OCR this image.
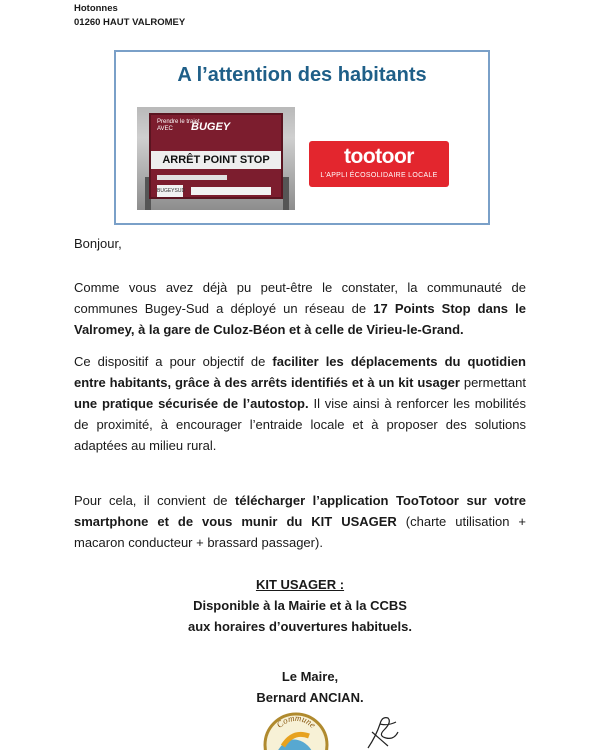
Hotonnes
01260 HAUT VALROMEY
A l’attention des habitants
Prendre le trajet
AVEC	BUGEY
ARRÊT POINT STOP
BUGEYSUD
tootoor
L'APPLI ÉCOSOLIDAIRE LOCALE

Bonjour,

Comme vous avez déjà pu peut-être le constater, la communauté de communes Bugey-Sud a déployé un réseau de 17 Points Stop dans le Valromey, à la gare de Culoz-Béon et à celle de Virieu-le-Grand.

Ce dispositif a pour objectif de faciliter les déplacements du quotidien entre habitants, grâce à des arrêts identifiés et à un kit usager permettant une pratique sécurisée de l’autostop. Il vise ainsi à renforcer les mobilités de proximité, à encourager l’entraide locale et à proposer des solutions adaptées au milieu rural.

Pour cela, il convient de télécharger l’application TooTotoor sur votre smartphone et de vous munir du KIT USAGER (charte utilisation + macaron conducteur + brassard passager).

KIT USAGER :
Disponible à la Mairie et à la CCBS
aux horaires d’ouvertures habituels.
Le Maire,
Bernard ANCIAN.
Commune
